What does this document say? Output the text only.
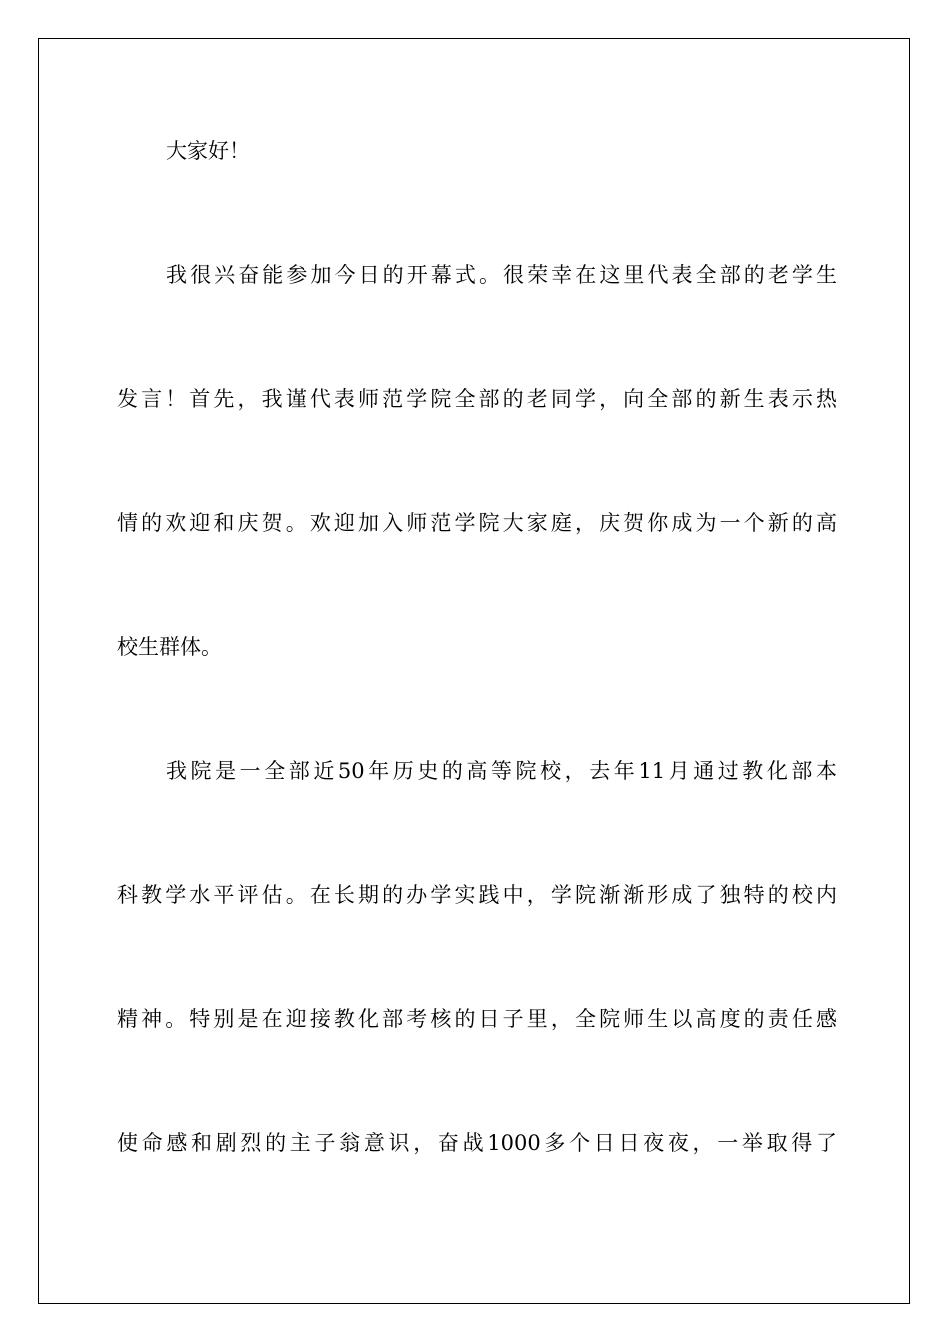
大家好！
我很兴奋能参加今日的开幕式。很荣幸在这里代表全部的老学生
发言！首先，我谨代表师范学院全部的老同学，向全部的新生表示热
情的欢迎和庆贺。欢迎加入师范学院大家庭，庆贺你成为一个新的高
校生群体。
我院是一全部近50年历史的高等院校，去年11月通过教化部本
科教学水平评估。在长期的办学实践中，学院渐渐形成了独特的校内
精神。特别是在迎接教化部考核的日子里，全院师生以高度的责任感
使命感和剧烈的主子翁意识，奋战1000多个日日夜夜，一举取得了
